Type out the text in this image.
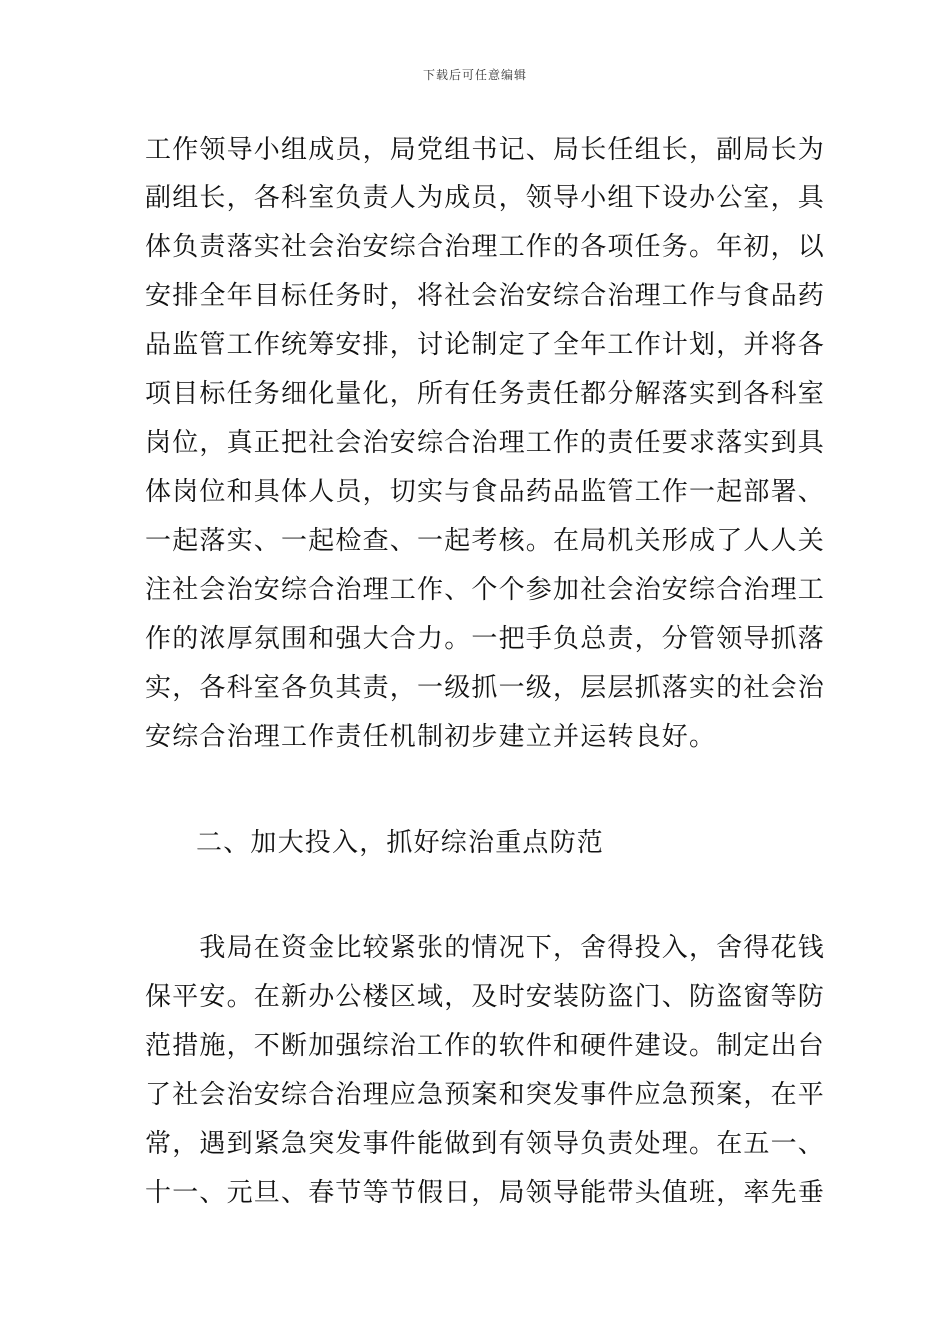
下载后可任意编辑
工作领导小组成员，局党组书记、局长任组长，副局长为
副组长，各科室负责人为成员，领导小组下设办公室，具
体负责落实社会治安综合治理工作的各项任务。年初，以
安排全年目标任务时，将社会治安综合治理工作与食品药
品监管工作统筹安排，讨论制定了全年工作计划，并将各
项目标任务细化量化，所有任务责任都分解落实到各科室
岗位，真正把社会治安综合治理工作的责任要求落实到具
体岗位和具体人员，切实与食品药品监管工作一起部署、
一起落实、一起检查、一起考核。在局机关形成了人人关
注社会治安综合治理工作、个个参加社会治安综合治理工
作的浓厚氛围和强大合力。一把手负总责，分管领导抓落
实，各科室各负其责，一级抓一级，层层抓落实的社会治
安综合治理工作责任机制初步建立并运转良好。
二、加大投入，抓好综治重点防范
　　我局在资金比较紧张的情况下，舍得投入，舍得花钱
保平安。在新办公楼区域，及时安装防盗门、防盗窗等防
范措施，不断加强综治工作的软件和硬件建设。制定出台
了社会治安综合治理应急预案和突发事件应急预案，在平
常，遇到紧急突发事件能做到有领导负责处理。在五一、
十一、元旦、春节等节假日，局领导能带头值班，率先垂
